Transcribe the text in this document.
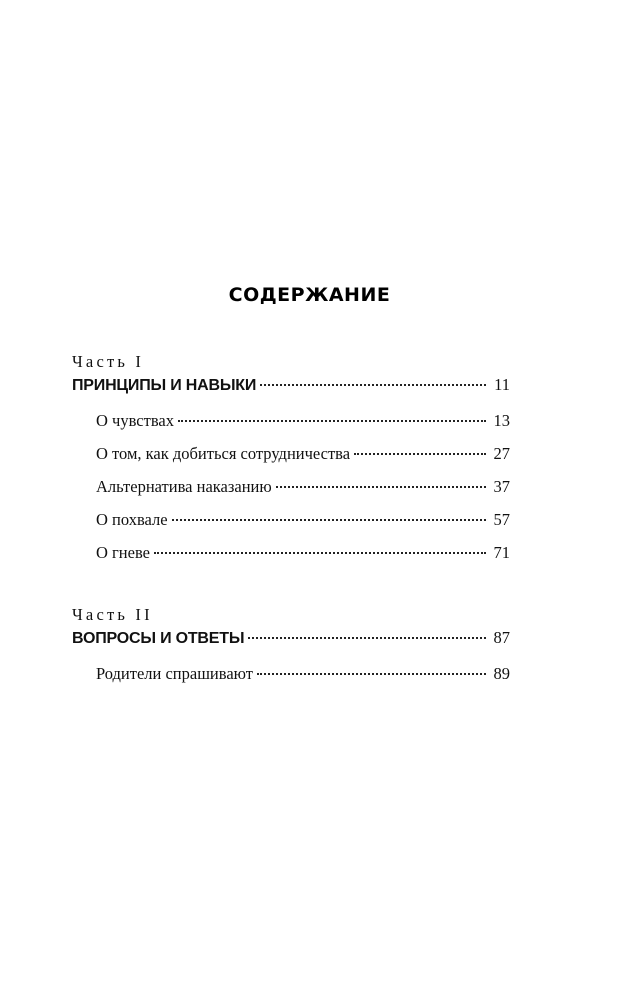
СОДЕРЖАНИЕ
Часть I
ПРИНЦИПЫ И НАВЫКИ	11
О чувствах	13
О том, как добиться сотрудничества	27
Альтернатива наказанию	37
О похвале	57
О гневе	71
Часть II
ВОПРОСЫ И ОТВЕТЫ	87
Родители спрашивают	89
